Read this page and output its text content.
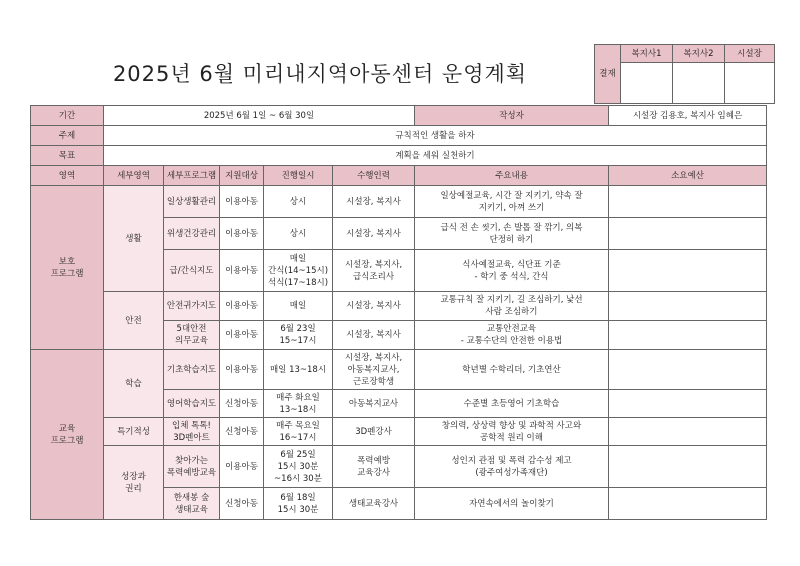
2025년 6월 미리내지역아동센터 운영계획	결재	복지사1	복지사2	시설장

기간	2025년 6월 1일 ~ 6월 30일					작성자	시설장 김용호, 복지사 임혜은
주제	규칙적인 생활을 하자						
목표	계획을 세워 실천하기						
영역	세부영역	세부프로그램	지원대상	진행일시	수행인력	주요내용	소요예산
보호
프로그램	생활	일상생활관리	이용아동	상시	시설장, 복지사	일상예절교육, 시간 잘 지키기, 약속 잘
지키기, 아껴 쓰기	
		위생건강관리	이용아동	상시	시설장, 복지사	급식 전 손 씻기, 손 발톱 잘 깎기, 의복
단정히 하기	
		급/간식지도	이용아동	매일
간식(14~15시)
석식(17~18시)	시설장, 복지사,
급식조리사	식사예절교육, 식단표 기준
- 학기 중 석식, 간식	
	안전	안전귀가지도	이용아동	매일	시설장, 복지사	교통규칙 잘 지키기, 길 조심하기, 낯선
사람 조심하기	
		5대안전
의무교육	이용아동	6월 23일
15~17시	시설장, 복지사	교통안전교육
- 교통수단의 안전한 이용법	
교육
프로그램	학습	기초학습지도	이용아동	매일 13~18시	시설장, 복지사,
아동복지교사,
근로장학생	학년별 수학리더, 기초연산	
		영어학습지도	신청아동	매주 화요일
13~18시	아동복지교사	수준별 초등영어 기초학습	
	특기적성	입체 톡톡!
3D펜아트	신청아동	매주 목요일
16~17시	3D펜강사	창의력, 상상력 향상 및 과학적 사고와
공학적 원리 이해	
	성장과
권리	찾아가는
폭력예방교육	이용아동	6월 25일
15시 30분
~16시 30분	폭력예방
교육강사	성인지 관점 및 폭력 감수성 제고
(광주여성가족재단)	
		한새봉 숲
생태교육	신청아동	6월 18일
15시 30분	생태교육강사	자연속에서의 놀이찾기	
